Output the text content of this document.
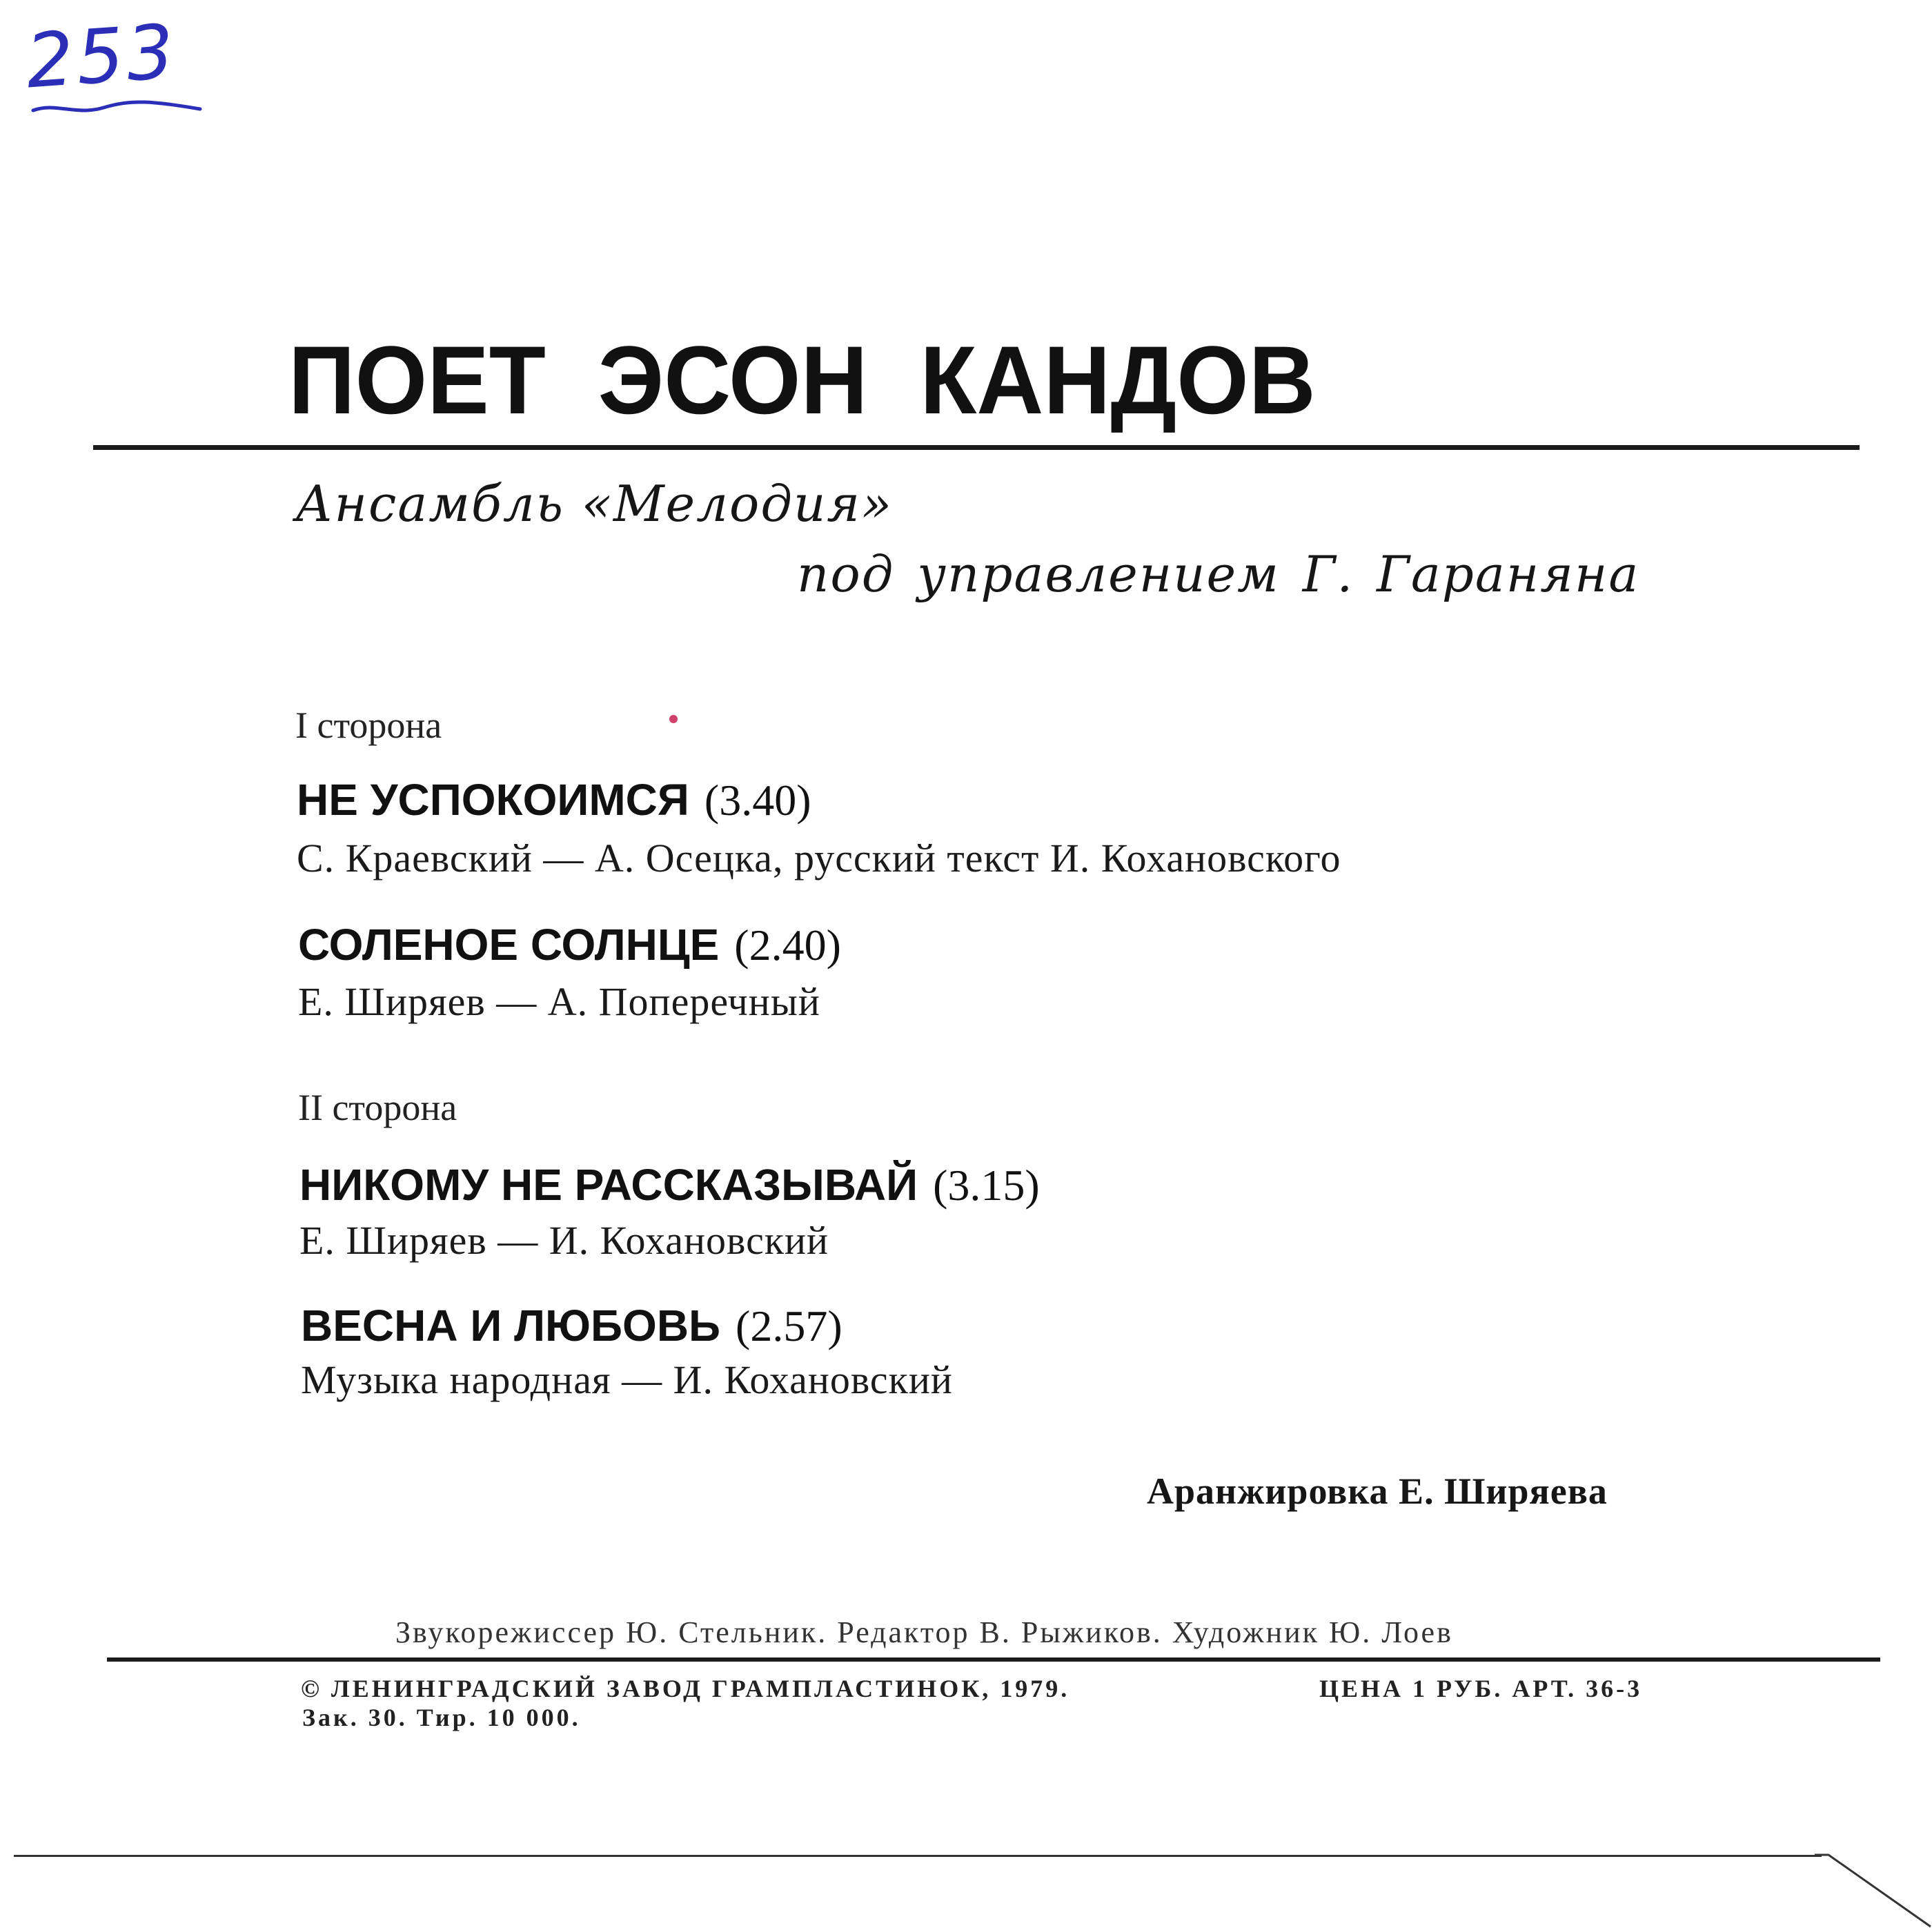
253
ПОЕТ ЭСОН КАНДОВ
Ансамбль «Мелодия»
под управлением Г. Гараняна
I сторона
НЕ УСПОКОИМСЯ (3.40)
С. Краевский — А. Осецка, русский текст И. Кохановского
СОЛЕНОЕ СОЛНЦЕ (2.40)
Е. Ширяев — А. Поперечный
II сторона
НИКОМУ НЕ РАССКАЗЫВАЙ (3.15)
Е. Ширяев — И. Кохановский
ВЕСНА И ЛЮБОВЬ (2.57)
Музыка народная — И. Кохановский
Аранжировка Е. Ширяева
Звукорежиссер Ю. Стельник. Редактор В. Рыжиков. Художник Ю. Лоев
© ЛЕНИНГРАДСКИЙ ЗАВОД ГРАМПЛАСТИНОК, 1979.	ЦЕНА 1 РУБ. АРТ. 36-3
Зак. 30. Тир. 10 000.
